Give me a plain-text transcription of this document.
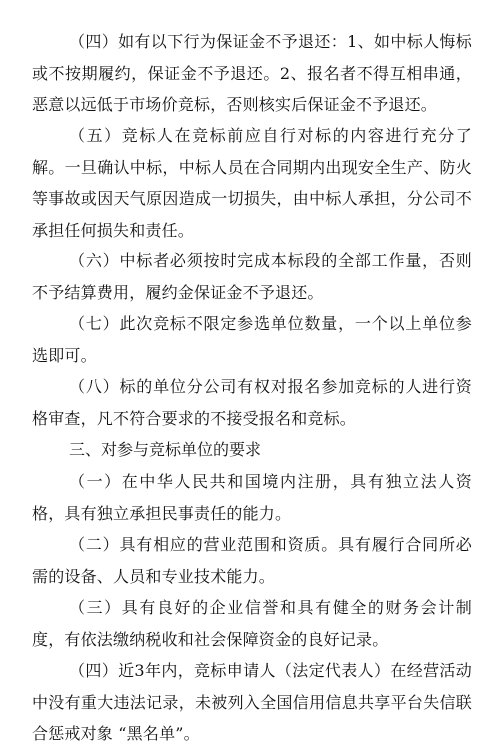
（四）如有以下行为保证金不予退还：1、如中标人悔标或不按期履约，保证金不予退还。2、报名者不得互相串通，恶意以远低于市场价竞标，否则核实后保证金不予退还。

（五）竞标人在竞标前应自行对标的内容进行充分了解。一旦确认中标，中标人员在合同期内出现安全生产、防火等事故或因天气原因造成一切损失，由中标人承担，分公司不承担任何损失和责任。

（六）中标者必须按时完成本标段的全部工作量，否则不予结算费用，履约金保证金不予退还。

（七）此次竞标不限定参选单位数量，一个以上单位参选即可。

（八）标的单位分公司有权对报名参加竞标的人进行资格审查，凡不符合要求的不接受报名和竞标。

三、对参与竞标单位的要求

（一）在中华人民共和国境内注册，具有独立法人资格，具有独立承担民事责任的能力。

（二）具有相应的营业范围和资质。具有履行合同所必需的设备、人员和专业技术能力。

（三）具有良好的企业信誉和具有健全的财务会计制度，有依法缴纳税收和社会保障资金的良好记录。

（四）近3年内，竞标申请人（法定代表人）在经营活动中没有重大违法记录，未被列入全国信用信息共享平台失信联合惩戒对象 “黑名单”。
